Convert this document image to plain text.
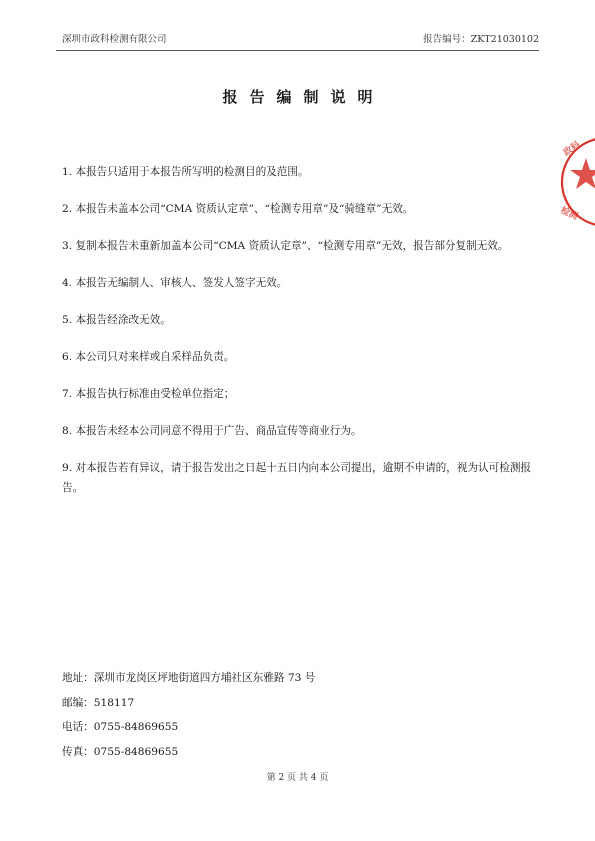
深圳市政科检测有限公司	报告编号：ZKT21030102
报告编制说明
1. 本报告只适用于本报告所写明的检测目的及范围。
2. 本报告未盖本公司“CMA 资质认定章”、“检测专用章”及“骑缝章”无效。
3. 复制本报告未重新加盖本公司“CMA 资质认定章”、“检测专用章”无效，报告部分复制无效。
4. 本报告无编制人、审核人、签发人签字无效。
5. 本报告经涂改无效。
6. 本公司只对来样或自采样品负责。
7. 本报告执行标准由受检单位指定；
8. 本报告未经本公司同意不得用于广告、商品宣传等商业行为。
9. 对本报告若有异议，请于报告发出之日起十五日内向本公司提出，逾期不申请的，视为认可检测报告。
地址：深圳市龙岗区坪地街道四方埔社区东雅路 73 号
邮编：518117
电话：0755-84869655
传真：0755-84869655
第 2 页 共 4 页
政科
检测
